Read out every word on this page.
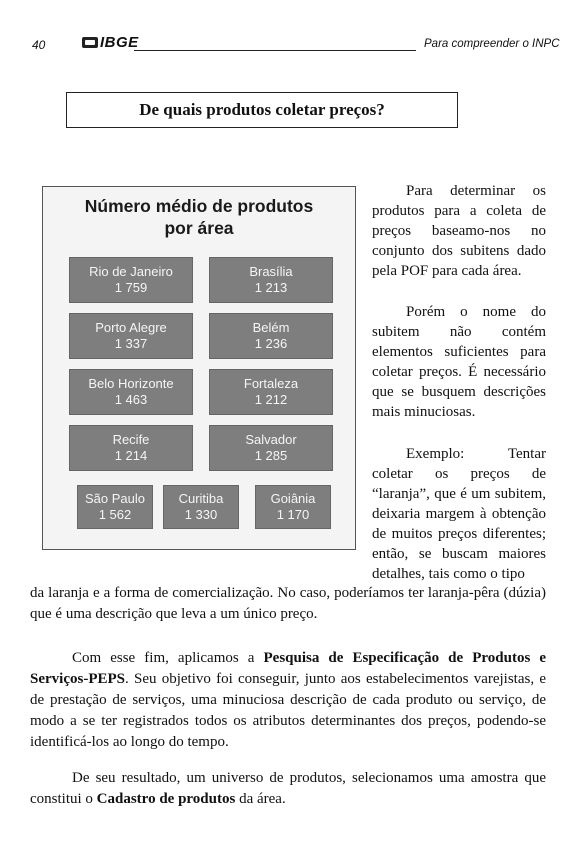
40	IBGE	Para compreender o INPC
De quais produtos coletar preços?
Número médio de produtos
por área
Rio de Janeiro
1 759
Brasília
1 213
Porto Alegre
1 337
Belém
1 236
Belo Horizonte
1 463
Fortaleza
1 212
Recife
1 214
Salvador
1 285
São Paulo
1 562
Curitiba
1 330
Goiânia
1 170

Para determinar os produtos para a coleta de preços baseamo-nos no conjunto dos subitens dado pela POF para cada área.

Porém o nome do subitem não contém elementos suficientes para coletar preços. É necessário que se busquem descrições mais minuciosas.

Exemplo: Tentar coletar os preços de “laranja”, que é um subitem, deixaria margem à obtenção de muitos preços diferentes; então, se buscam maiores detalhes, tais como o tipo

da laranja e a forma de comercialização. No caso, poderíamos ter laranja-pêra (dúzia) que é uma descrição que leva a um único preço.

Com esse fim, aplicamos a Pesquisa de Especificação de Produtos e Serviços-PEPS. Seu objetivo foi conseguir, junto aos estabelecimentos varejistas, e de prestação de serviços, uma minuciosa descrição de cada produto ou serviço, de modo a se ter registrados todos os atributos determinantes dos preços, podendo-se identificá-los ao longo do tempo.

De seu resultado, um universo de produtos, selecionamos uma amostra que constitui o Cadastro de produtos da área.
